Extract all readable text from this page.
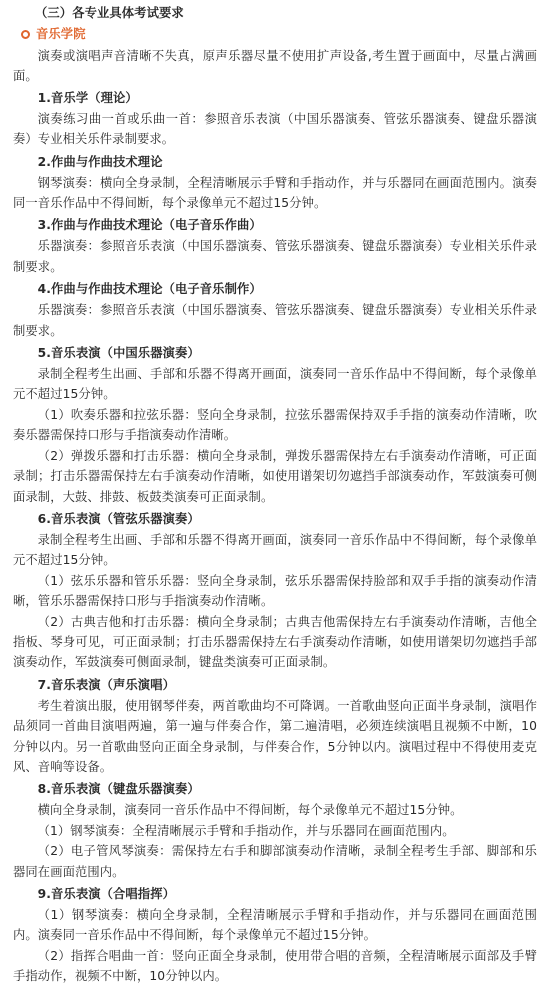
（三）各专业具体考试要求
音乐学院

演奏或演唱声音清晰不失真，原声乐器尽量不使用扩声设备,考生置于画面中，尽量占满画面。

1.音乐学（理论）

演奏练习曲一首或乐曲一首：参照音乐表演（中国乐器演奏、管弦乐器演奏、键盘乐器演奏）专业相关乐件录制要求。

2.作曲与作曲技术理论

钢琴演奏：横向全身录制，全程清晰展示手臂和手指动作，并与乐器同在画面范围内。演奏同一音乐作品中不得间断，每个录像单元不超过15分钟。

3.作曲与作曲技术理论（电子音乐作曲）

乐器演奏：参照音乐表演（中国乐器演奏、管弦乐器演奏、键盘乐器演奏）专业相关乐件录制要求。

4.作曲与作曲技术理论（电子音乐制作）

乐器演奏：参照音乐表演（中国乐器演奏、管弦乐器演奏、键盘乐器演奏）专业相关乐件录制要求。

5.音乐表演（中国乐器演奏）

录制全程考生出画、手部和乐器不得离开画面，演奏同一音乐作品中不得间断，每个录像单元不超过15分钟。

（1）吹奏乐器和拉弦乐器：竖向全身录制，拉弦乐器需保持双手手指的演奏动作清晰，吹奏乐器需保持口形与手指演奏动作清晰。

（2）弹拨乐器和打击乐器：横向全身录制，弹拨乐器需保持左右手演奏动作清晰，可正面录制；打击乐器需保持左右手演奏动作清晰，如使用谱架切勿遮挡手部演奏动作，军鼓演奏可侧面录制，大鼓、排鼓、板鼓类演奏可正面录制。

6.音乐表演（管弦乐器演奏）

录制全程考生出画、手部和乐器不得离开画面，演奏同一音乐作品中不得间断，每个录像单元不超过15分钟。

（1）弦乐乐器和管乐乐器：竖向全身录制，弦乐乐器需保持脸部和双手手指的演奏动作清晰，管乐乐器需保持口形与手指演奏动作清晰。

（2）古典吉他和打击乐器：横向全身录制；古典吉他需保持左右手演奏动作清晰，吉他全指板、琴身可见，可正面录制；打击乐器需保持左右手演奏动作清晰，如使用谱架切勿遮挡手部演奏动作，军鼓演奏可侧面录制，键盘类演奏可正面录制。

7.音乐表演（声乐演唱）

考生着演出服，使用钢琴伴奏，两首歌曲均不可降调。一首歌曲竖向正面半身录制，演唱作品须同一首曲目演唱两遍，第一遍与伴奏合作，第二遍清唱，必须连续演唱且视频不中断，10分钟以内。另一首歌曲竖向正面全身录制，与伴奏合作，5分钟以内。演唱过程中不得使用麦克风、音响等设备。

8.音乐表演（键盘乐器演奏）

横向全身录制，演奏同一音乐作品中不得间断，每个录像单元不超过15分钟。

（1）钢琴演奏：全程清晰展示手臂和手指动作，并与乐器同在画面范围内。

（2）电子管风琴演奏：需保持左右手和脚部演奏动作清晰，录制全程考生手部、脚部和乐器同在画面范围内。

9.音乐表演（合唱指挥）

（1）钢琴演奏：横向全身录制，全程清晰展示手臂和手指动作，并与乐器同在画面范围内。演奏同一音乐作品中不得间断，每个录像单元不超过15分钟。

（2）指挥合唱曲一首：竖向正面全身录制，使用带合唱的音频，全程清晰展示面部及手臂手指动作，视频不中断，10分钟以内。
